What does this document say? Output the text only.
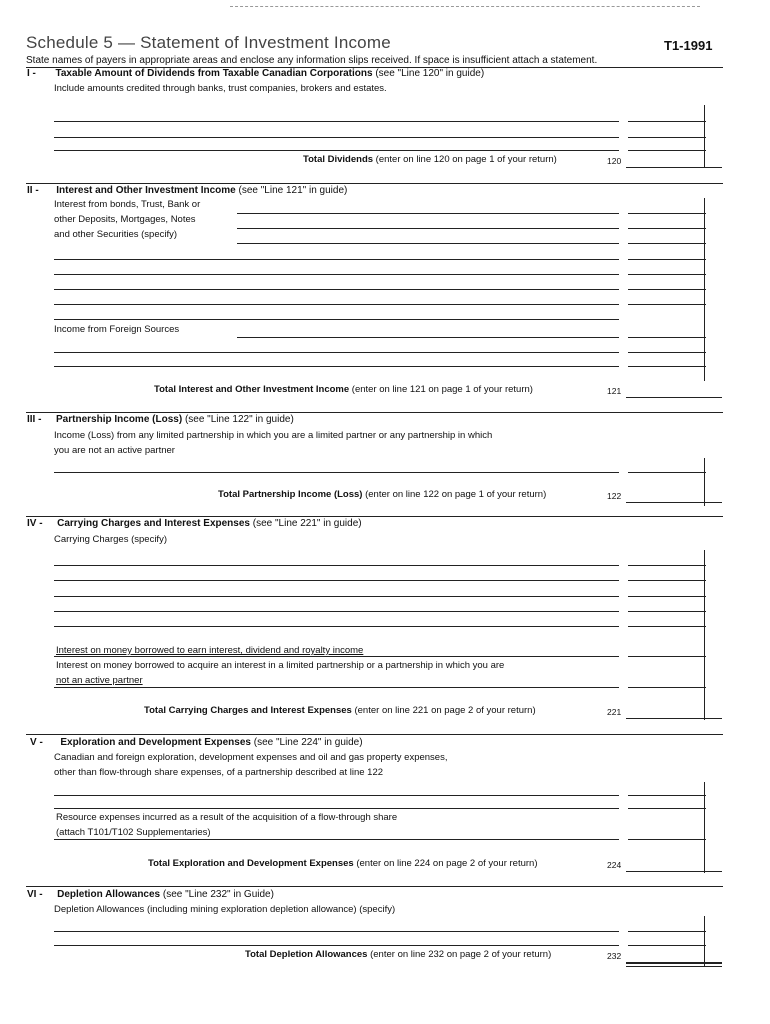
Schedule 5 — Statement of Investment Income	T1-1991
State names of payers in appropriate areas and enclose any information slips received. If space is insufficient attach a statement.
I - Taxable Amount of Dividends from Taxable Canadian Corporations (see "Line 120" in guide)
Include amounts credited through banks, trust companies, brokers and estates.
Total Dividends (enter on line 120 on page 1 of your return)	120
II - Interest and Other Investment Income (see "Line 121" in guide)
Interest from bonds, Trust, Bank or
other Deposits, Mortgages, Notes
and other Securities (specify)
Income from Foreign Sources
Total Interest and Other Investment Income (enter on line 121 on page 1 of your return)	121
III - Partnership Income (Loss) (see "Line 122" in guide)
Income (Loss) from any limited partnership in which you are a limited partner or any partnership in which
you are not an active partner
Total Partnership Income (Loss) (enter on line 122 on page 1 of your return)	122
IV - Carrying Charges and Interest Expenses (see "Line 221" in guide)
Carrying Charges (specify)
Interest on money borrowed to earn interest, dividend and royalty income
Interest on money borrowed to acquire an interest in a limited partnership or a partnership in which you are
not an active partner
Total Carrying Charges and Interest Expenses (enter on line 221 on page 2 of your return)	221
V - Exploration and Development Expenses (see "Line 224" in guide)
Canadian and foreign exploration, development expenses and oil and gas property expenses,
other than flow-through share expenses, of a partnership described at line 122
Resource expenses incurred as a result of the acquisition of a flow-through share
(attach T101/T102 Supplementaries)
Total Exploration and Development Expenses (enter on line 224 on page 2 of your return)	224
VI - Depletion Allowances (see "Line 232" in Guide)
Depletion Allowances (including mining exploration depletion allowance) (specify)
Total Depletion Allowances (enter on line 232 on page 2 of your return)	232
